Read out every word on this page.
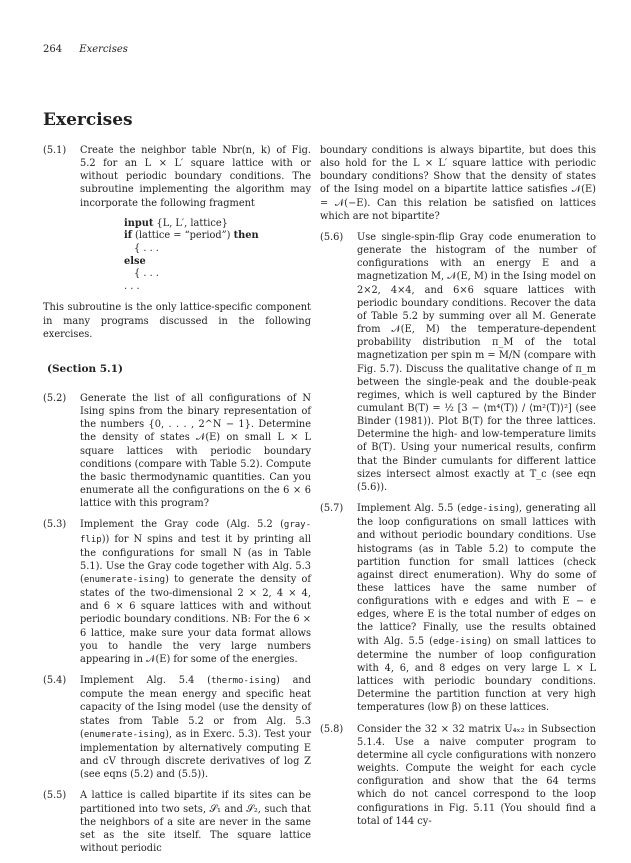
264 Exercises
Exercises
(5.1) Create the neighbor table Nbr(n, k) of Fig. 5.2 for an L × L′ square lattice with or without periodic boundary conditions. The subroutine implementing the algorithm may incorporate the following fragment
input {L, L′, lattice}
if (lattice = “period”) then
{ . . .
else
{ . . .
. . .
This subroutine is the only lattice-specific component in many programs discussed in the following exercises.
(Section 5.1)
(5.2) Generate the list of all configurations of N Ising spins from the binary representation of the numbers {0, . . . , 2^N − 1}. Determine the density of states 𝒩(E) on small L × L square lattices with periodic boundary conditions (compare with Table 5.2). Compute the basic thermodynamic quantities. Can you enumerate all the configurations on the 6 × 6 lattice with this program?
(5.3) Implement the Gray code (Alg. 5.2 (gray-flip)) for N spins and test it by printing all the configurations for small N (as in Table 5.1). Use the Gray code together with Alg. 5.3 (enumerate-ising) to generate the density of states of the two-dimensional 2 × 2, 4 × 4, and 6 × 6 square lattices with and without periodic boundary conditions. NB: For the 6 × 6 lattice, make sure your data format allows you to handle the very large numbers appearing in 𝒩(E) for some of the energies.
(5.4) Implement Alg. 5.4 (thermo-ising) and compute the mean energy and specific heat capacity of the Ising model (use the density of states from Table 5.2 or from Alg. 5.3 (enumerate-ising), as in Exerc. 5.3). Test your implementation by alternatively computing E and cV through discrete derivatives of log Z (see eqns (5.2) and (5.5)).
(5.5) A lattice is called bipartite if its sites can be partitioned into two sets, 𝒮₁ and 𝒮₂, such that the neighbors of a site are never in the same set as the site itself. The square lattice without periodic
boundary conditions is always bipartite, but does this also hold for the L × L′ square lattice with periodic boundary conditions? Show that the density of states of the Ising model on a bipartite lattice satisfies 𝒩(E) = 𝒩(−E). Can this relation be satisfied on lattices which are not bipartite?
(5.6) Use single-spin-flip Gray code enumeration to generate the histogram of the number of configurations with an energy E and a magnetization M, 𝒩(E, M) in the Ising model on 2×2, 4×4, and 6×6 square lattices with periodic boundary conditions. Recover the data of Table 5.2 by summing over all M. Generate from 𝒩(E, M) the temperature-dependent probability distribution π_M of the total magnetization per spin m = M/N (compare with Fig. 5.7). Discuss the qualitative change of π_m between the single-peak and the double-peak regimes, which is well captured by the Binder cumulant B(T) = ½ [3 − ⟨m⁴(T)⟩ / ⟨m²(T)⟩²] (see Binder (1981)). Plot B(T) for the three lattices. Determine the high- and low-temperature limits of B(T). Using your numerical results, confirm that the Binder cumulants for different lattice sizes intersect almost exactly at T_c (see eqn (5.6)).
(5.7) Implement Alg. 5.5 (edge-ising), generating all the loop configurations on small lattices with and without periodic boundary conditions. Use histograms (as in Table 5.2) to compute the partition function for small lattices (check against direct enumeration). Why do some of these lattices have the same number of configurations with e edges and with E − e edges, where E is the total number of edges on the lattice? Finally, use the results obtained with Alg. 5.5 (edge-ising) on small lattices to determine the number of loop configuration with 4, 6, and 8 edges on very large L × L lattices with periodic boundary conditions. Determine the partition function at very high temperatures (low β) on these lattices.
(5.8) Consider the 32 × 32 matrix U₄ₓ₂ in Subsection 5.1.4. Use a naive computer program to determine all cycle configurations with nonzero weights. Compute the weight for each cycle configuration and show that the 64 terms which do not cancel correspond to the loop configurations in Fig. 5.11 (You should find a total of 144 cy-
